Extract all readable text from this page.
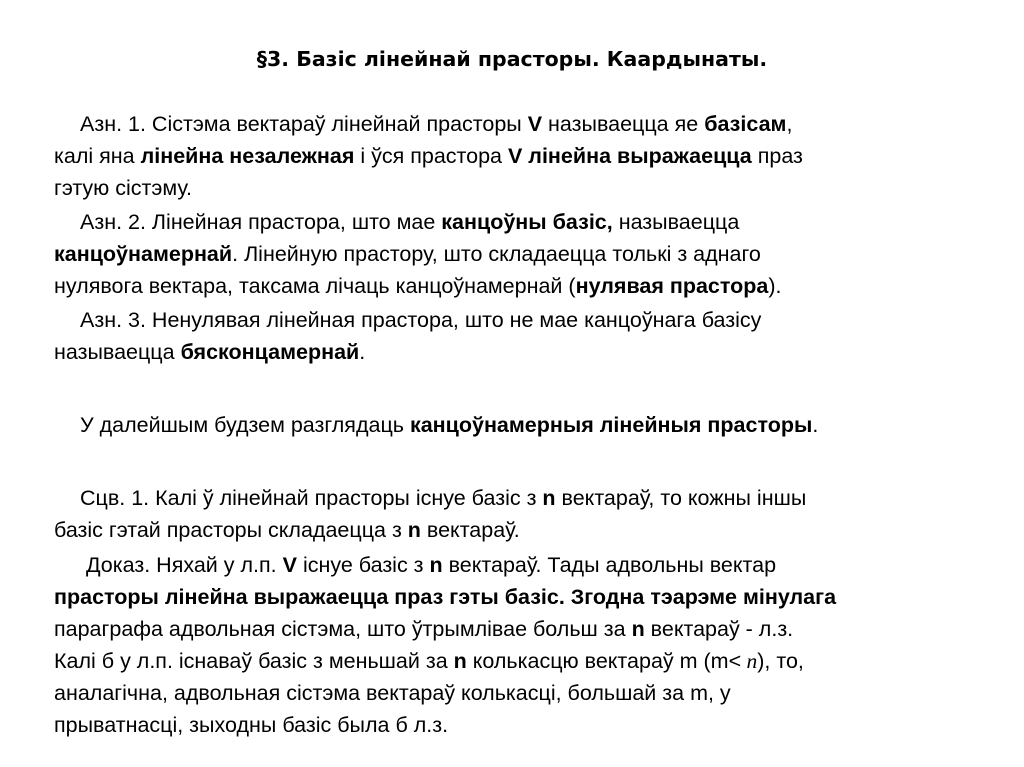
§3. Базіс лінейнай прасторы. Каардынаты.
Азн. 1. Сістэма вектараў лінейнай прасторы V называецца яе базісам,
калі яна лінейна незалежная і ўся прастора V лінейна выражаецца праз
гэтую сістэму.
Азн. 2. Лінейная прастора, што мае канцоўны базіс, называецца
канцоўнамернай. Лінейную прастору, што складаецца толькі з аднаго
нулявога вектара, таксама лічаць канцоўнамернай (нулявая прастора).
Азн. 3. Ненулявая лінейная прастора, што не мае канцоўнага базісу
называецца бясконцамернай.
У далейшым будзем разглядаць канцоўнамерныя лінейныя прасторы.
Сцв. 1. Калі ў лінейнай прасторы існуе базіс з n вектараў, то кожны іншы
базіс гэтай прасторы складаецца з n вектараў.
Доказ. Няхай у л.п. V існуе базіс з n вектараў. Тады адвольны вектар
прасторы лінейна выражаецца праз гэты базіс. Згодна тэарэме мінулага
параграфа адвольная сістэма, што ўтрымлівае больш за n вектараў - л.з.
Калі б у л.п. існаваў базіс з меньшай за n колькасцю вектараў m (m< n), то,
аналагічна, адвольная сістэма вектараў колькасці, большай за m, у
прыватнасці, зыходны базіс была б л.з.
